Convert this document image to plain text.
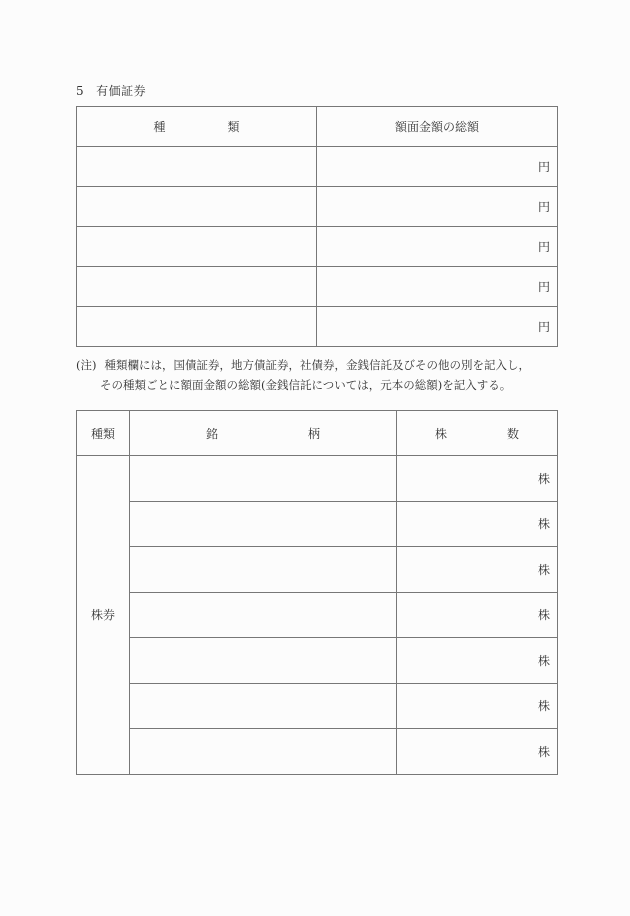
5 有価証券
種 類	額面金額の総額
	円
	円
	円
	円
	円
(注) 種類欄には，国債証券，地方債証券，社債券，金銭信託及びその他の別を記入し，
その種類ごとに額面金額の総額(金銭信託については，元本の総額)を記入する。
種類	銘 柄	株 数
株券		株
		株
		株
		株
		株
		株
		株
